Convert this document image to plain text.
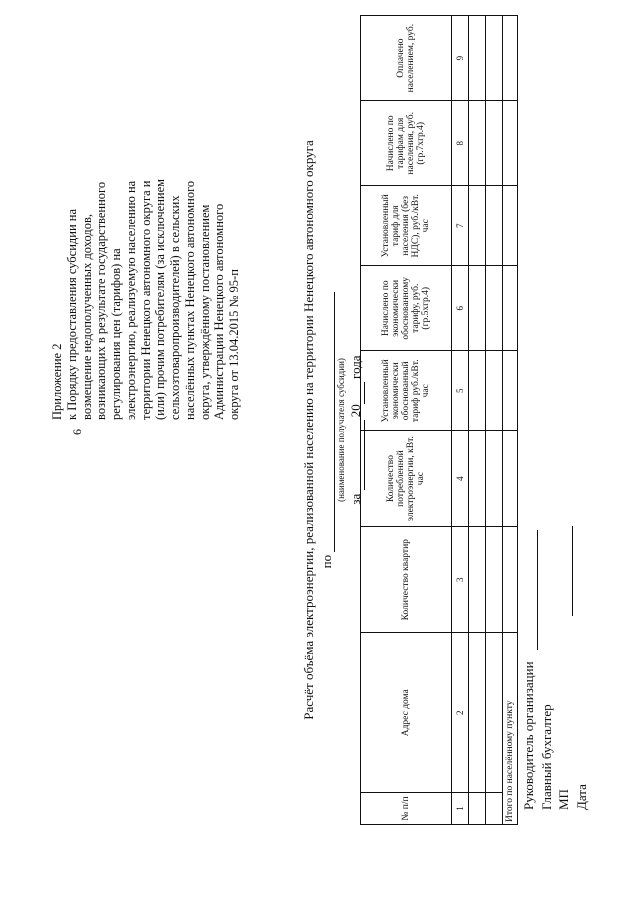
6

Приложение 2 к Порядку предоставления субсидии на возмещение недополученных доходов, возникающих в результате государственного регулирования цен (тарифов) на электроэнергию, реализуемую населению на территории Ненецкого автономного округа и (или) прочим потребителям (за исключением сельхозтоваропроизводителей) в сельских населённых пунктах Ненецкого автономного округа, утверждённому постановлением Администрации Ненецкого автономного округа от 13.04.2015 № 95-п	Расчёт объёма электроэнергии, реализованной населению на территории Ненецкого автономного округа по
(наименование получателя субсидии) за  20 года
№ п/п	Адрес дома	Количество квартир	Количество потребленной электроэнергии, кВт. час	Установленный экономически обоснованный тариф руб./кВт. час	Начислено по экономически обоснованному тарифу, руб. (гр.5хгр.4)	Установленный тариф для населения (без НДС), руб./кВт. час	Начислено по тарифам для населения, руб. (гр.7хгр.4)	Оплачено населением, руб.
1	2	3	4	5	6	7	8	9

Итого по населённому пункту								Руководитель организации Главный бухгалтер МП Дата
